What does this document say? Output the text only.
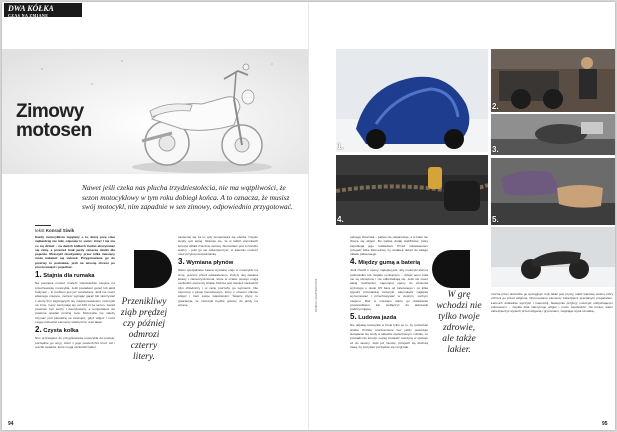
DWA KÓŁKA
CZAS NA ZMIANĘ
Zimowy
motosen
Nawet jeśli czeka nas plucha trzydziestolecia, nie ma wątpliwości, że sezon motocyklowy w tym roku dobiegł końca. A to oznacza, że musisz swój motocykl, nim zapadnie w sen zimowy, odpowiednio przygotować.
tekst Konrad Siwik

Każdy motocyklista zapytany o to, którą porę roku najbardziej nie lubi, odpowie to samo: zimę! I nie ma co się dziwić – na dwóch kółkach trudno ekscytować się zimą, a przecież brak jazdy oznacza skutki dla pojazdu. Motocykl nieużywany przez kilka miesięcy może nabawić się usterek. Przygotowanie go do przerwy to podstawa, jeśli na wiosnę chcesz po prostu wsiąść i pojechać.

1. Stajnia dla rumaka

Na początek musisz znaleźć odpowiednie miejsce na przechowanie motocykla. Jeśli posiadasz garaż lub jakiś budynek – to problem jest już rozwiązany. Jeśli nie masz własnego miejsca, możesz wynająć garaż lub skorzystać z oferty firm zajmujących się magazynowaniem motocykli na zimę. Ceny zaczynają się od 100 zł za sezon. Garaż powinien być suchy i wentylowany, a temperatura nie powinna spadać poniżej zera. Motocyklu nie należy trzymać pod plandeką na zewnątrz, gdyż wilgoć i mróz mogą uszkodzić elementy elektryczne oraz lakier.

2. Czysta kolka

Nim przystąpisz do przygotowania motocykla do postoju, porządnie go umyj. Usuń z jego powierzchni brud, sól i resztki owadów, które mogą uszkodzić lakier.

Przenikliwy ziąb prędzej czy później odmrozi czterry litery.

zaniemiej się za to, gdy temperatura się obniża. Często ciepły, tym lepiej. Okazuje się, że w takich warunkach korozja działa znacznie wolniej. Akumulator jest tu bardzo ważny – jeśli go nie zabezpieczysz, w kwietniu możesz mieć przykrą niespodziankę.

3. Wymiana płynów

Wielu specjalistów zaleca wymianę oleju w motocyklu na zimę, jeszcze przed odstawieniem. Zużyty olej zawiera kwasy i zanieczyszczenia, które w czasie postoju mogą uszkodzić elementy silnika. Dobrze jest również sprawdzić płyn chłodniczy i w razie potrzeby go wymienić. Nie zapomnij o płynie hamulcowym, który z czasem chłonie wilgoć i traci swoje właściwości. Świeże płyny to gwarancja, że motocykl będzie gotowy do jazdy na wiosnę.

94
ZDJĘCIA: SHUTTERSTOCK
1.
2.
3.
4.	5.

pełnego zbiornika – paliwo nie odparowuje, a w baku nie zbiera się wilgoć. Do paliwa dodaj stabilizator, który zapobiega jego rozkładowi. Przed odstawieniem przejedź kilka kilometrów, by dodatek dotarł do całego układu paliwowego.

4. Między gumą a baterią

Jeśli chodzi o opony, najlepiej jest, aby motocykl stał na podnośniku lub stojaku centralnym – dzięki temu koła nie są obciążone i nie odkształcają się. Jeśli nie masz takiej możliwości, napompuj opony do ciśnienia wyższego o około 0,5 bara od zalecanego i co kilka tygodni przestawiaj motocykl. Akumulator najlepiej wymontować i przechowywać w ciepłym, suchym miejscu. Raz w miesiącu warto go doładować prostownikiem lub podłączyć do ładowarki podtrzymującej.

5. Ludowa jazda

Nie odpalaj motocykla w zimie tylko po to, by posłuchać silnika. Krótkie uruchomienie bez jazdy powoduje skraplanie się wody w układzie wydechowym i silniku, co prowadzi do korozji. Lepiej zostawić maszynę w spokoju aż do wiosny. Jeśli już musisz, przejedź się dłuższą trasą, by wszystko porządnie się rozgrzało.

W grę wchodzi nie tylko twoje zdrowie, ale także lakier.

można przez obwodzie go wyciągnąć. Gdy lakier jest czysty, nałóż warstwę wosku, który ochroni go przed wilgocią. Chromowane elementy zabezpiecz specjalnym preparatem. Łańcuch dokładnie wyczyść i nasmaruj. Następnie przykryj motocykl oddychającym pokrowcem – zwykła folia zatrzymuje wilgoć i może zaszkodzić. Na koniec warto zabezpieczyć wydech przed wilgocią i gryzoniami, zatykając wylot szmatką.

95
